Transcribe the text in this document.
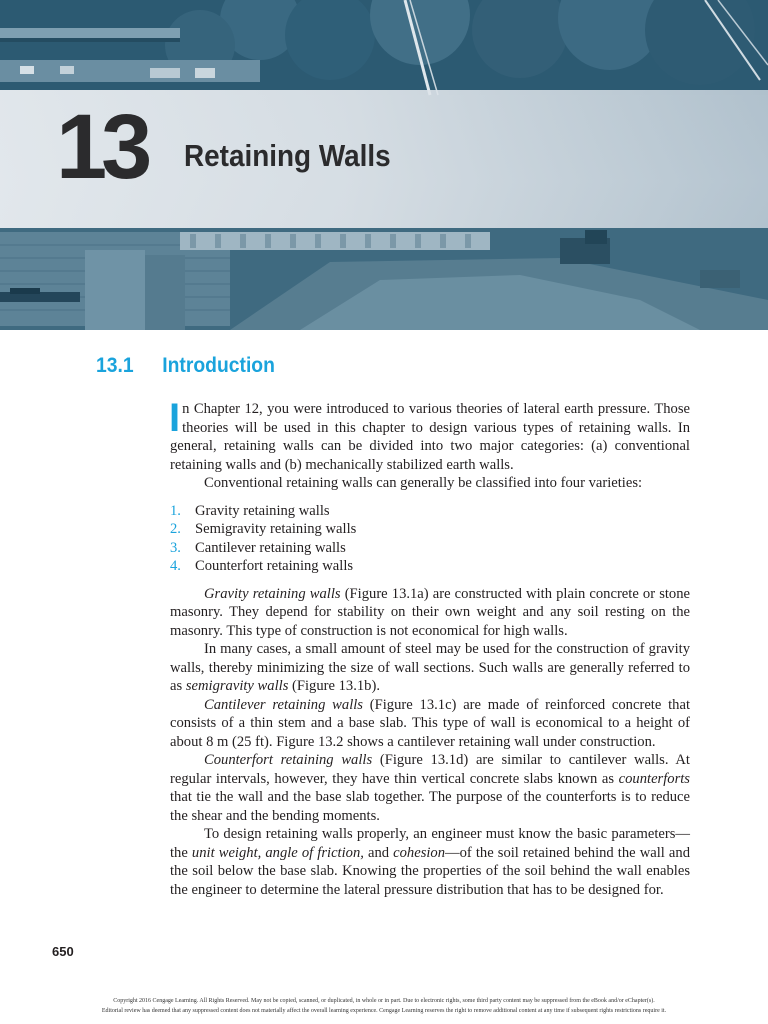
13 Retaining Walls
13.1 Introduction

In Chapter 12, you were introduced to various theories of lateral earth pressure. Those theories will be used in this chapter to design various types of retaining walls. In general, retaining walls can be divided into two major categories: (a) conventional retaining walls and (b) mechanically stabilized earth walls.

Conventional retaining walls can generally be classified into four varieties:

1. Gravity retaining walls
2. Semigravity retaining walls
3. Cantilever retaining walls
4. Counterfort retaining walls

Gravity retaining walls (Figure 13.1a) are constructed with plain concrete or stone masonry. They depend for stability on their own weight and any soil resting on the masonry. This type of construction is not economical for high walls.

In many cases, a small amount of steel may be used for the construction of gravity walls, thereby minimizing the size of wall sections. Such walls are generally referred to as semigravity walls (Figure 13.1b).

Cantilever retaining walls (Figure 13.1c) are made of reinforced concrete that consists of a thin stem and a base slab. This type of wall is economical to a height of about 8 m (25 ft). Figure 13.2 shows a cantilever retaining wall under construction.

Counterfort retaining walls (Figure 13.1d) are similar to cantilever walls. At regular intervals, however, they have thin vertical concrete slabs known as counterforts that tie the wall and the base slab together. The purpose of the counterforts is to reduce the shear and the bending moments.

To design retaining walls properly, an engineer must know the basic parameters—the unit weight, angle of friction, and cohesion—of the soil retained behind the wall and the soil below the base slab. Knowing the properties of the soil behind the wall enables the engineer to determine the lateral pressure distribution that has to be designed for.

650
Copyright 2016 Cengage Learning. All Rights Reserved. May not be copied, scanned, or duplicated, in whole or in part. Due to electronic rights, some third party content may be suppressed from the eBook and/or eChapter(s).
Editorial review has deemed that any suppressed content does not materially affect the overall learning experience. Cengage Learning reserves the right to remove additional content at any time if subsequent rights restrictions require it.
